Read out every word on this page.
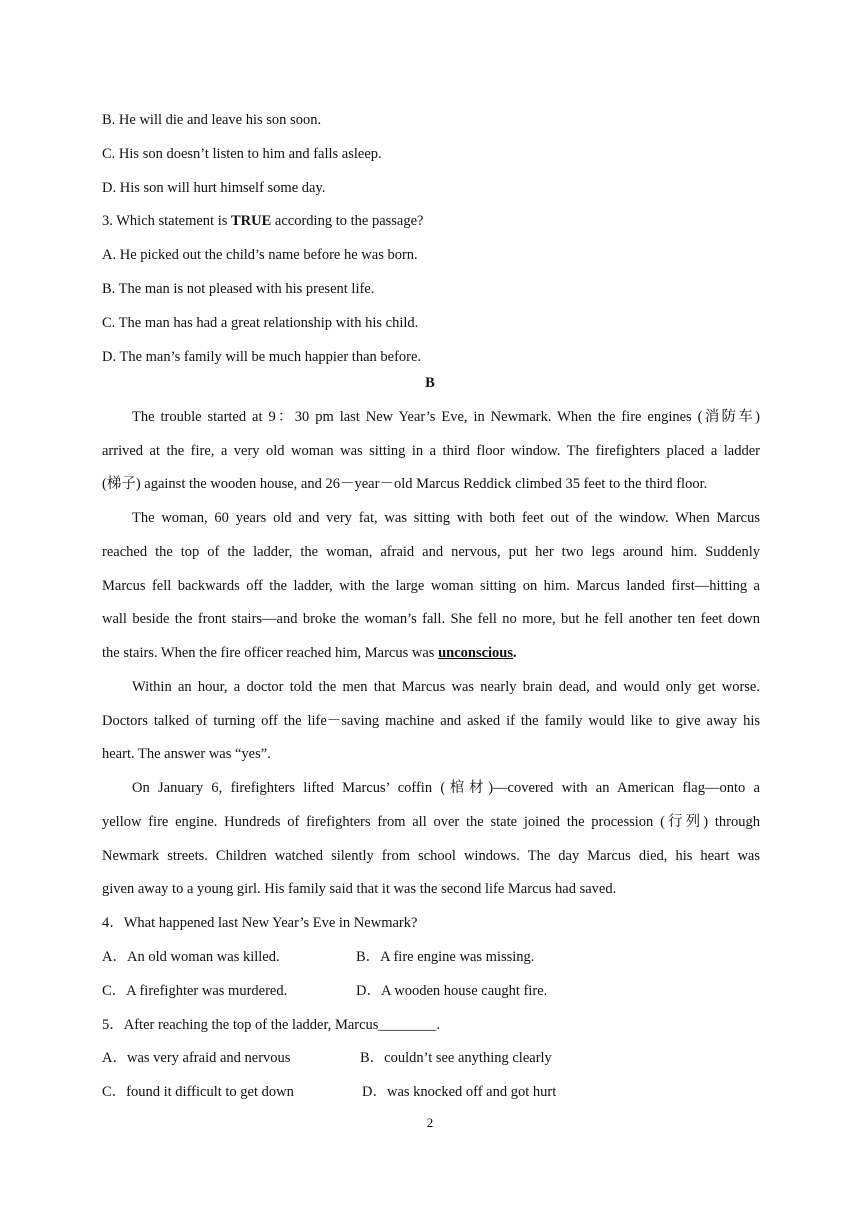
B. He will die and leave his son soon.
C. His son doesn’t listen to him and falls asleep.
D. His son will hurt himself some day.
3. Which statement is TRUE according to the passage?
A. He picked out the child’s name before he was born.
B. The man is not pleased with his present life.
C. The man has had a great relationship with his child.
D. The man’s family will be much happier than before.
B
The trouble started at 9：30 pm last New Year’s Eve, in Newmark. When the fire engines (消防车)
arrived at the fire, a very old woman was sitting in a third floor window. The firefighters placed a ladder
(梯子) against the wooden house, and 26－year－old Marcus Reddick climbed 35 feet to the third floor.
The woman, 60 years old and very fat, was sitting with both feet out of the window. When Marcus
reached the top of the ladder, the woman, afraid and nervous, put her two legs around him. Suddenly
Marcus fell backwards off the ladder, with the large woman sitting on him. Marcus landed first—hitting a
wall beside the front stairs—and broke the woman’s fall. She fell no more, but he fell another ten feet down
the stairs. When the fire officer reached him, Marcus was unconscious.
Within an hour, a doctor told the men that Marcus was nearly brain dead, and would only get worse.
Doctors talked of turning off the life－saving machine and asked if the family would like to give away his
heart. The answer was “yes”.
On January 6, firefighters lifted Marcus’ coffin (棺材)—covered with an American flag—onto a
yellow fire engine. Hundreds of firefighters from all over the state joined the procession (行列) through
Newmark streets. Children watched silently from school windows. The day Marcus died, his heart was
given away to a young girl. His family said that it was the second life Marcus had saved.
4．What happened last New Year’s Eve in Newmark?
A．An old woman was killed.	B．A fire engine was missing.
C．A firefighter was murdered.	D．A wooden house caught fire.
5．After reaching the top of the ladder, Marcus________.
A．was very afraid and nervous	B．couldn’t see anything clearly
C．found it difficult to get down	D．was knocked off and got hurt
2
